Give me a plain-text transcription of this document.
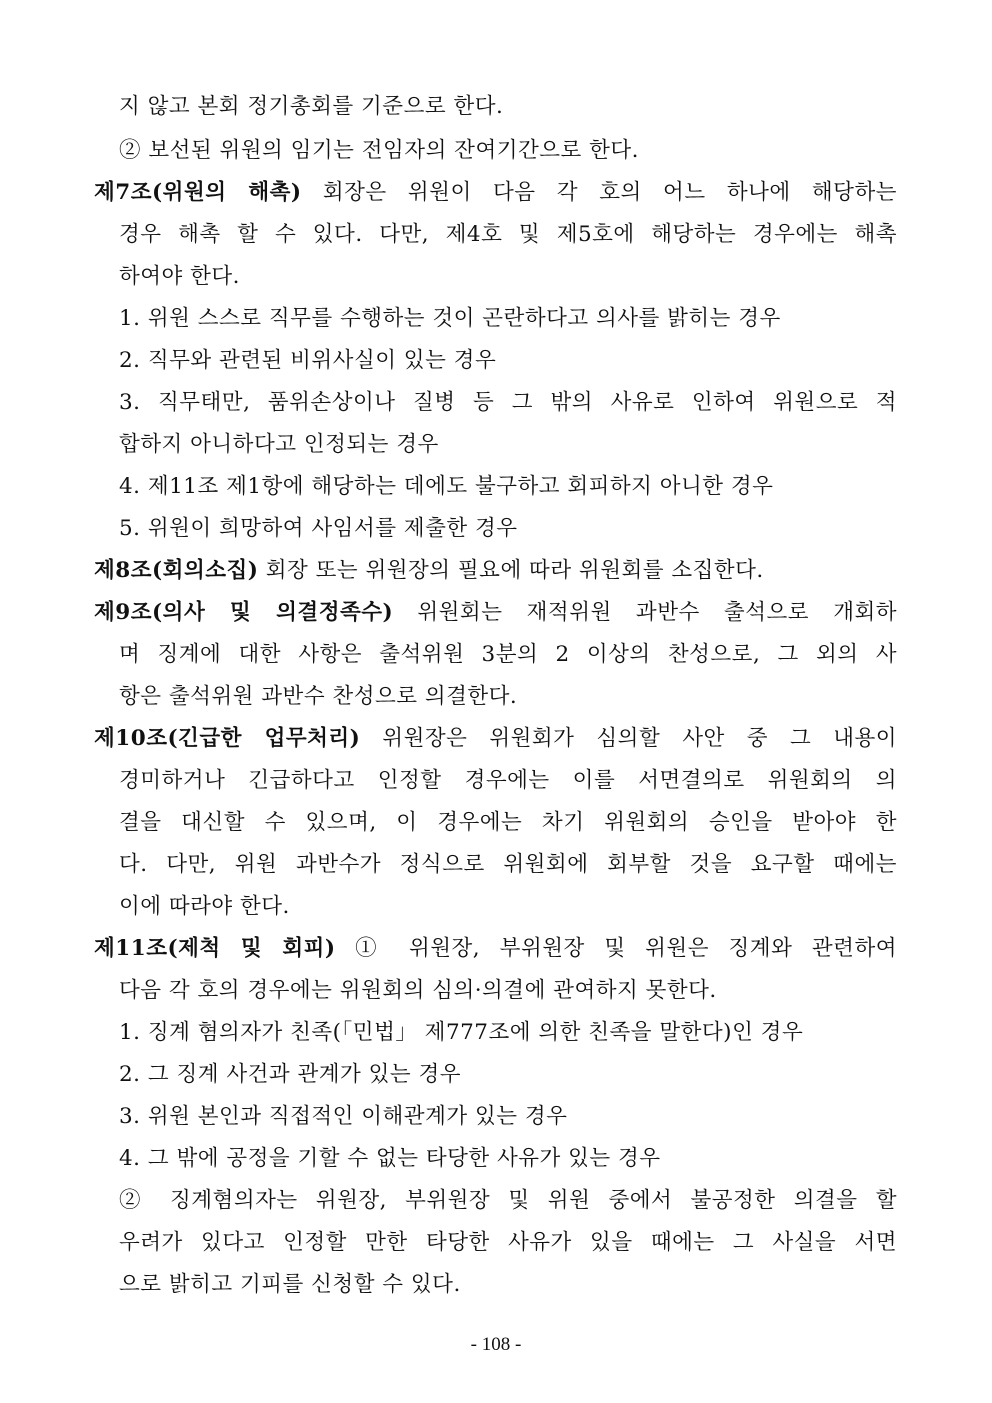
지 않고 본회 정기총회를 기준으로 한다.
② 보선된 위원의 임기는 전임자의 잔여기간으로 한다.
제7조(위원의 해촉) 회장은 위원이 다음 각 호의 어느 하나에 해당하는
경우 해촉 할 수 있다. 다만, 제4호 및 제5호에 해당하는 경우에는 해촉
하여야 한다.
1. 위원 스스로 직무를 수행하는 것이 곤란하다고 의사를 밝히는 경우
2. 직무와 관련된 비위사실이 있는 경우
3. 직무태만, 품위손상이나 질병 등 그 밖의 사유로 인하여 위원으로 적
합하지 아니하다고 인정되는 경우
4. 제11조 제1항에 해당하는 데에도 불구하고 회피하지 아니한 경우
5. 위원이 희망하여 사임서를 제출한 경우
제8조(회의소집) 회장 또는 위원장의 필요에 따라 위원회를 소집한다.
제9조(의사 및 의결정족수) 위원회는 재적위원 과반수 출석으로 개회하
며 징계에 대한 사항은 출석위원 3분의 2 이상의 찬성으로, 그 외의 사
항은 출석위원 과반수 찬성으로 의결한다.
제10조(긴급한 업무처리) 위원장은 위원회가 심의할 사안 중 그 내용이
경미하거나 긴급하다고 인정할 경우에는 이를 서면결의로 위원회의 의
결을 대신할 수 있으며, 이 경우에는 차기 위원회의 승인을 받아야 한
다. 다만, 위원 과반수가 정식으로 위원회에 회부할 것을 요구할 때에는
이에 따라야 한다.
제11조(제척 및 회피) ① 위원장, 부위원장 및 위원은 징계와 관련하여
다음 각 호의 경우에는 위원회의 심의·의결에 관여하지 못한다.
1. 징계 혐의자가 친족(「민법」 제777조에 의한 친족을 말한다)인 경우
2. 그 징계 사건과 관계가 있는 경우
3. 위원 본인과 직접적인 이해관계가 있는 경우
4. 그 밖에 공정을 기할 수 없는 타당한 사유가 있는 경우
② 징계혐의자는 위원장, 부위원장 및 위원 중에서 불공정한 의결을 할
우려가 있다고 인정할 만한 타당한 사유가 있을 때에는 그 사실을 서면
으로 밝히고 기피를 신청할 수 있다.
- 108 -
